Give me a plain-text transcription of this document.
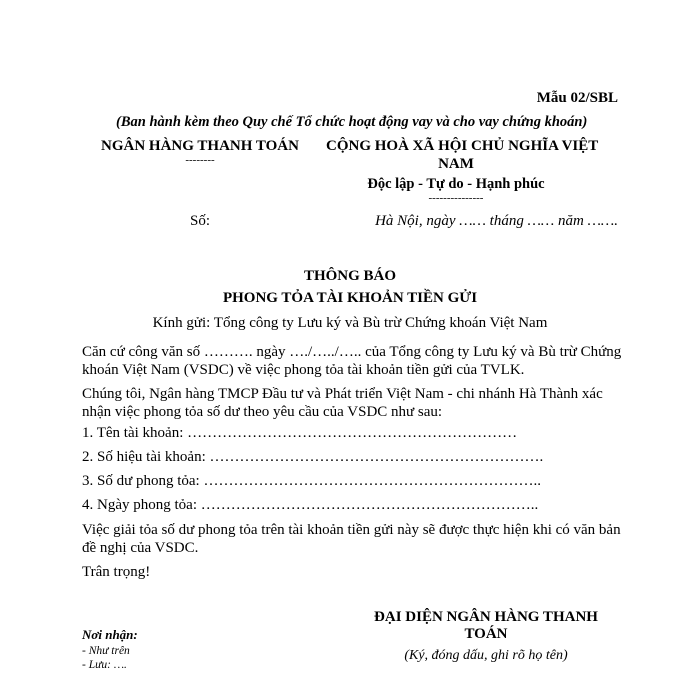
Mẫu 02/SBL
(Ban hành kèm theo Quy chế Tổ chức hoạt động vay và cho vay chứng khoán)
NGÂN HÀNG THANH TOÁN
--------
CỘNG HOÀ XÃ HỘI CHỦ NGHĨA VIỆT
NAM
Độc lập - Tự do - Hạnh phúc
---------------
Số:	Hà Nội, ngày …… tháng …… năm …….
THÔNG BÁO
PHONG TỎA TÀI KHOẢN TIỀN GỬI
Kính gửi: Tổng công ty Lưu ký và Bù trừ Chứng khoán Việt Nam
Căn cứ công văn số ………. ngày …./…../….. của Tổng công ty Lưu ký và Bù trừ Chứng
khoán Việt Nam (VSDC) về việc phong tỏa tài khoản tiền gửi của TVLK.
Chúng tôi, Ngân hàng TMCP Đầu tư và Phát triển Việt Nam - chi nhánh Hà Thành xác
nhận việc phong tỏa số dư theo yêu cầu của VSDC như sau:
1. Tên tài khoản: …………………………………………………………
2. Số hiệu tài khoản: ………………………………………………………….
3. Số dư phong tỏa: …………………………………………………………..
4. Ngày phong tỏa: …………………………………………………………..
Việc giải tỏa số dư phong tỏa trên tài khoản tiền gửi này sẽ được thực hiện khi có văn bản
đề nghị của VSDC.
Trân trọng!
Nơi nhận:
- Như trên
- Lưu: ….
ĐẠI DIỆN NGÂN HÀNG THANH
TOÁN
(Ký, đóng dấu, ghi rõ họ tên)
